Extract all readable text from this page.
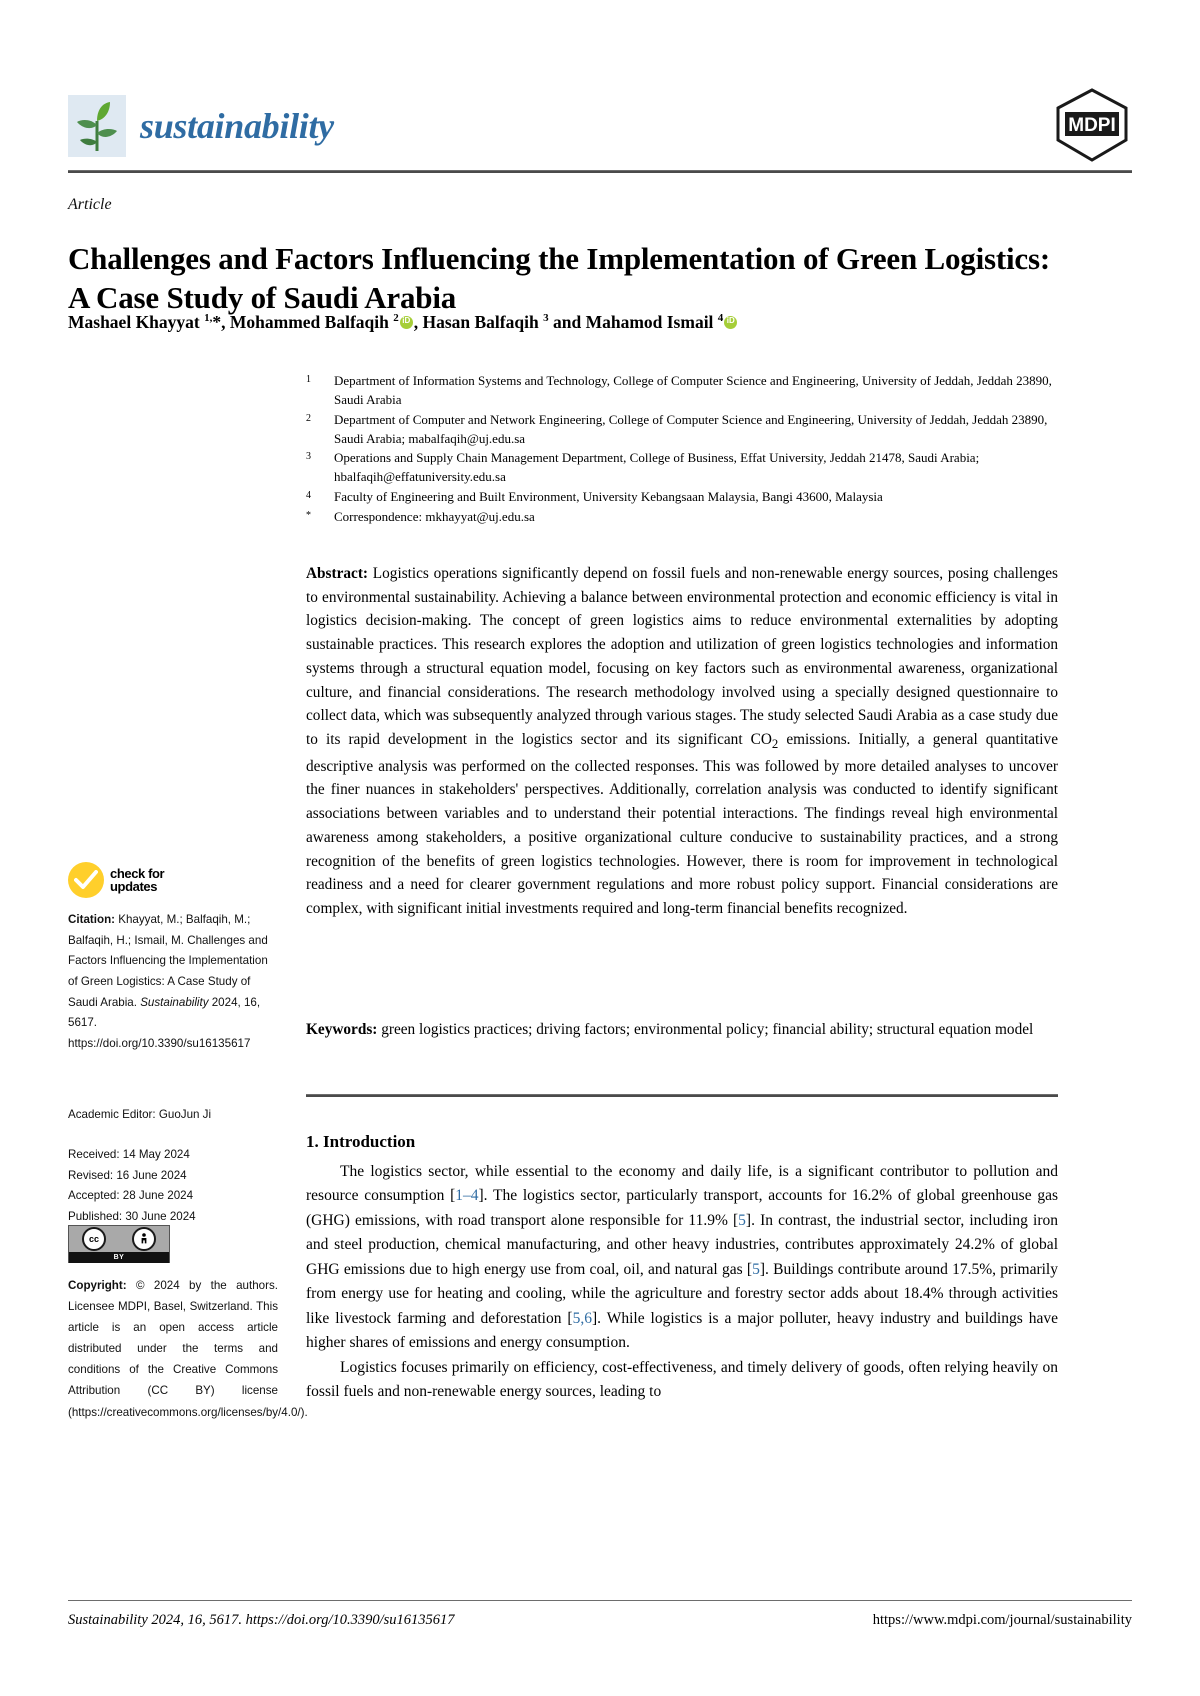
sustainability	MDPI
Article
Challenges and Factors Influencing the Implementation of Green Logistics: A Case Study of Saudi Arabia
Mashael Khayyat $^{1,}$*, Mohammed Balfaqih $^2$ iD , Hasan Balfaqih $^3$ and Mahamod Ismail $^4$iD
1	Department of Information Systems and Technology, College of Computer Science and Engineering, University of Jeddah, Jeddah 23890, Saudi Arabia
2	Department of Computer and Network Engineering, College of Computer Science and Engineering, University of Jeddah, Jeddah 23890, Saudi Arabia; mabalfaqih@uj.edu.sa
3	Operations and Supply Chain Management Department, College of Business, Effat University, Jeddah 21478, Saudi Arabia; hbalfaqih@effatuniversity.edu.sa
4	Faculty of Engineering and Built Environment, University Kebangsaan Malaysia, Bangi 43600, Malaysia
*	Correspondence: mkhayyat@uj.edu.sa
Abstract: Logistics operations significantly depend on fossil fuels and non-renewable energy sources, posing challenges to environmental sustainability. Achieving a balance between environmental protection and economic efficiency is vital in logistics decision-making. The concept of green logistics aims to reduce environmental externalities by adopting sustainable practices. This research explores the adoption and utilization of green logistics technologies and information systems through a structural equation model, focusing on key factors such as environmental awareness, organizational culture, and financial considerations. The research methodology involved using a specially designed questionnaire to collect data, which was subsequently analyzed through various stages. The study selected Saudi Arabia as a case study due to its rapid development in the logistics sector and its significant $CO_2$ emissions. Initially, a general quantitative descriptive analysis was performed on the collected responses. This was followed by more detailed analyses to uncover the finer nuances in stakeholders' perspectives. Additionally, correlation analysis was conducted to identify significant associations between variables and to understand their potential interactions. The findings reveal high environmental awareness among stakeholders, a positive organizational culture conducive to sustainability practices, and a strong recognition of the benefits of green logistics technologies. However, there is room for improvement in technological readiness and a need for clearer government regulations and more robust policy support. Financial considerations are complex, with significant initial investments required and long-term financial benefits recognized.
Keywords: green logistics practices; driving factors; environmental policy; financial ability; structural equation model
1. Introduction

The logistics sector, while essential to the economy and daily life, is a significant contributor to pollution and resource consumption [1–4]. The logistics sector, particularly transport, accounts for 16.2% of global greenhouse gas (GHG) emissions, with road transport alone responsible for 11.9% [5]. In contrast, the industrial sector, including iron and steel production, chemical manufacturing, and other heavy industries, contributes approximately 24.2% of global GHG emissions due to high energy use from coal, oil, and natural gas [5]. Buildings contribute around 17.5%, primarily from energy use for heating and cooling, while the agriculture and forestry sector adds about 18.4% through activities like livestock farming and deforestation [5,6]. While logistics is a major polluter, heavy industry and buildings have higher shares of emissions and energy consumption.

Logistics focuses primarily on efficiency, cost-effectiveness, and timely delivery of goods, often relying heavily on fossil fuels and non-renewable energy sources, leading to

check for
updates
Citation: Khayyat, M.; Balfaqih, M.; Balfaqih, H.; Ismail, M. Challenges and Factors Influencing the Implementation of Green Logistics: A Case Study of Saudi Arabia. Sustainability 2024, 16, 5617. https://doi.org/10.3390/su16135617
Academic Editor: GuoJun Ji
Received: 14 May 2024
Revised: 16 June 2024
Accepted: 28 June 2024
Published: 30 June 2024
cc
BY
Copyright: © 2024 by the authors. Licensee MDPI, Basel, Switzerland. This article is an open access article distributed under the terms and conditions of the Creative Commons Attribution (CC BY) license (https://creativecommons.org/licenses/by/4.0/).
Sustainability 2024, 16, 5617. https://doi.org/10.3390/su16135617	https://www.mdpi.com/journal/sustainability
